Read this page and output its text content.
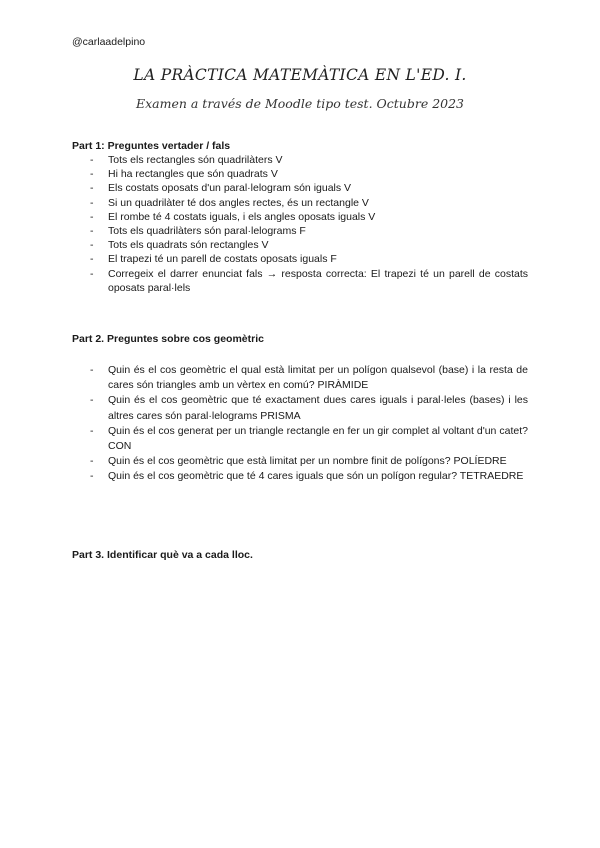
@carlaadelpino
LA PRÀCTICA MATEMÀTICA EN L'ED. I.
Examen a través de Moodle tipo test. Octubre 2023

Part 1: Preguntes vertader / fals

- Tots els rectangles són quadrilàters V
- Hi ha rectangles que són quadrats V
- Els costats oposats d'un paral·lelogram són iguals V
- Si un quadrilàter té dos angles rectes, és un rectangle V
- El rombe té 4 costats iguals, i els angles oposats iguals V
- Tots els quadrilàters són paral·lelograms F
- Tots els quadrats són rectangles V
- El trapezi té un parell de costats oposats iguals F
- Corregeix el darrer enunciat fals → resposta correcta: El trapezi té un parell de costats oposats paral·lels

Part 2. Preguntes sobre cos geomètric

- Quin és el cos geomètric el qual està limitat per un polígon qualsevol (base) i la resta de cares són triangles amb un vèrtex en comú? PIRÀMIDE
- Quin és el cos geomètric que té exactament dues cares iguals i paral·leles (bases) i les altres cares són paral·lelograms PRISMA
- Quin és el cos generat per un triangle rectangle en fer un gir complet al voltant d'un catet? CON
- Quin és el cos geomètric que està limitat per un nombre finit de polígons? POLÍEDRE
- Quin és el cos geomètric que té 4 cares iguals que són un polígon regular? TETRAEDRE

Part 3. Identificar què va a cada lloc.
